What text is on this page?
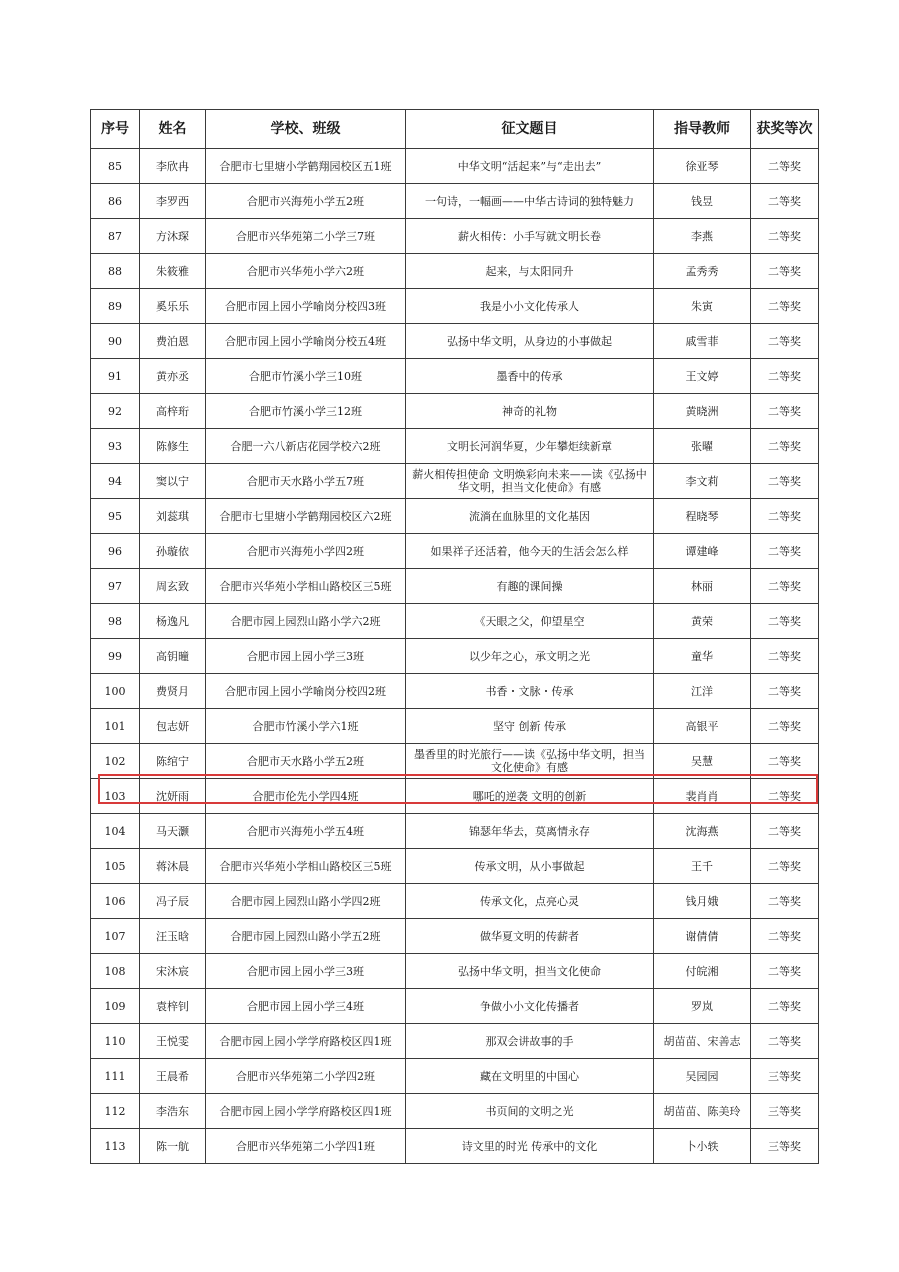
序号	姓名	学校、班级	征文题目	指导教师	获奖等次
85	李欣冉	合肥市七里塘小学鹤翔园校区五1班	中华文明“活起来”与“走出去”	徐亚琴	二等奖
86	李罗西	合肥市兴海苑小学五2班	一句诗，一幅画——中华古诗词的独特魅力	钱昱	二等奖
87	方沐琛	合肥市兴华苑第二小学三7班	薪火相传：小手写就文明长卷	李燕	二等奖
88	朱筱雅	合肥市兴华苑小学六2班	起来，与太阳同升	孟秀秀	二等奖
89	奚乐乐	合肥市园上园小学喻岗分校四3班	我是小小文化传承人	朱寅	二等奖
90	费泊恩	合肥市园上园小学喻岗分校五4班	弘扬中华文明，从身边的小事做起	戚雪菲	二等奖
91	黄亦丞	合肥市竹溪小学三10班	墨香中的传承	王文婷	二等奖
92	高梓珩	合肥市竹溪小学三12班	神奇的礼物	黄晓洲	二等奖
93	陈修生	合肥一六八新店花园学校六2班	文明长河润华夏，少年攀炬续新章	张曜	二等奖
94	窦以宁	合肥市天水路小学五7班	薪火相传担使命 文明焕彩向未来——读《弘扬中华文明，担当文化使命》有感	李文莉	二等奖
95	刘蕊琪	合肥市七里塘小学鹤翔园校区六2班	流淌在血脉里的文化基因	程晓琴	二等奖
96	孙璇依	合肥市兴海苑小学四2班	如果祥子还活着，他今天的生活会怎么样	谭建峰	二等奖
97	周玄致	合肥市兴华苑小学相山路校区三5班	有趣的课间操	林丽	二等奖
98	杨逸凡	合肥市园上园烈山路小学六2班	《天眼之父，仰望星空	黄荣	二等奖
99	高钥曈	合肥市园上园小学三3班	以少年之心，承文明之光	童华	二等奖
100	费贤月	合肥市园上园小学喻岗分校四2班	书香・文脉・传承	江洋	二等奖
101	包志妍	合肥市竹溪小学六1班	坚守 创新 传承	高银平	二等奖
102	陈绾宁	合肥市天水路小学五2班	墨香里的时光旅行——读《弘扬中华文明，担当文化使命》有感	吴慧	二等奖
103	沈妍雨	合肥市伦先小学四4班	哪吒的逆袭 文明的创新	裴肖肖	二等奖
104	马天灏	合肥市兴海苑小学五4班	锦瑟年华去，莫离情永存	沈海燕	二等奖
105	蒋沐晨	合肥市兴华苑小学相山路校区三5班	传承文明，从小事做起	王千	二等奖
106	冯子辰	合肥市园上园烈山路小学四2班	传承文化，点亮心灵	钱月娥	二等奖
107	汪玉晗	合肥市园上园烈山路小学五2班	做华夏文明的传薪者	谢倩倩	二等奖
108	宋沐宸	合肥市园上园小学三3班	弘扬中华文明，担当文化使命	付皖湘	二等奖
109	袁梓钊	合肥市园上园小学三4班	争做小小文化传播者	罗岚	二等奖
110	王悦雯	合肥市园上园小学学府路校区四1班	那双会讲故事的手	胡苗苗、宋善志	二等奖
111	王晨希	合肥市兴华苑第二小学四2班	藏在文明里的中国心	吴园园	三等奖
112	李浩东	合肥市园上园小学学府路校区四1班	书页间的文明之光	胡苗苗、陈美玲	三等奖
113	陈一航	合肥市兴华苑第二小学四1班	诗文里的时光 传承中的文化	卜小轶	三等奖
